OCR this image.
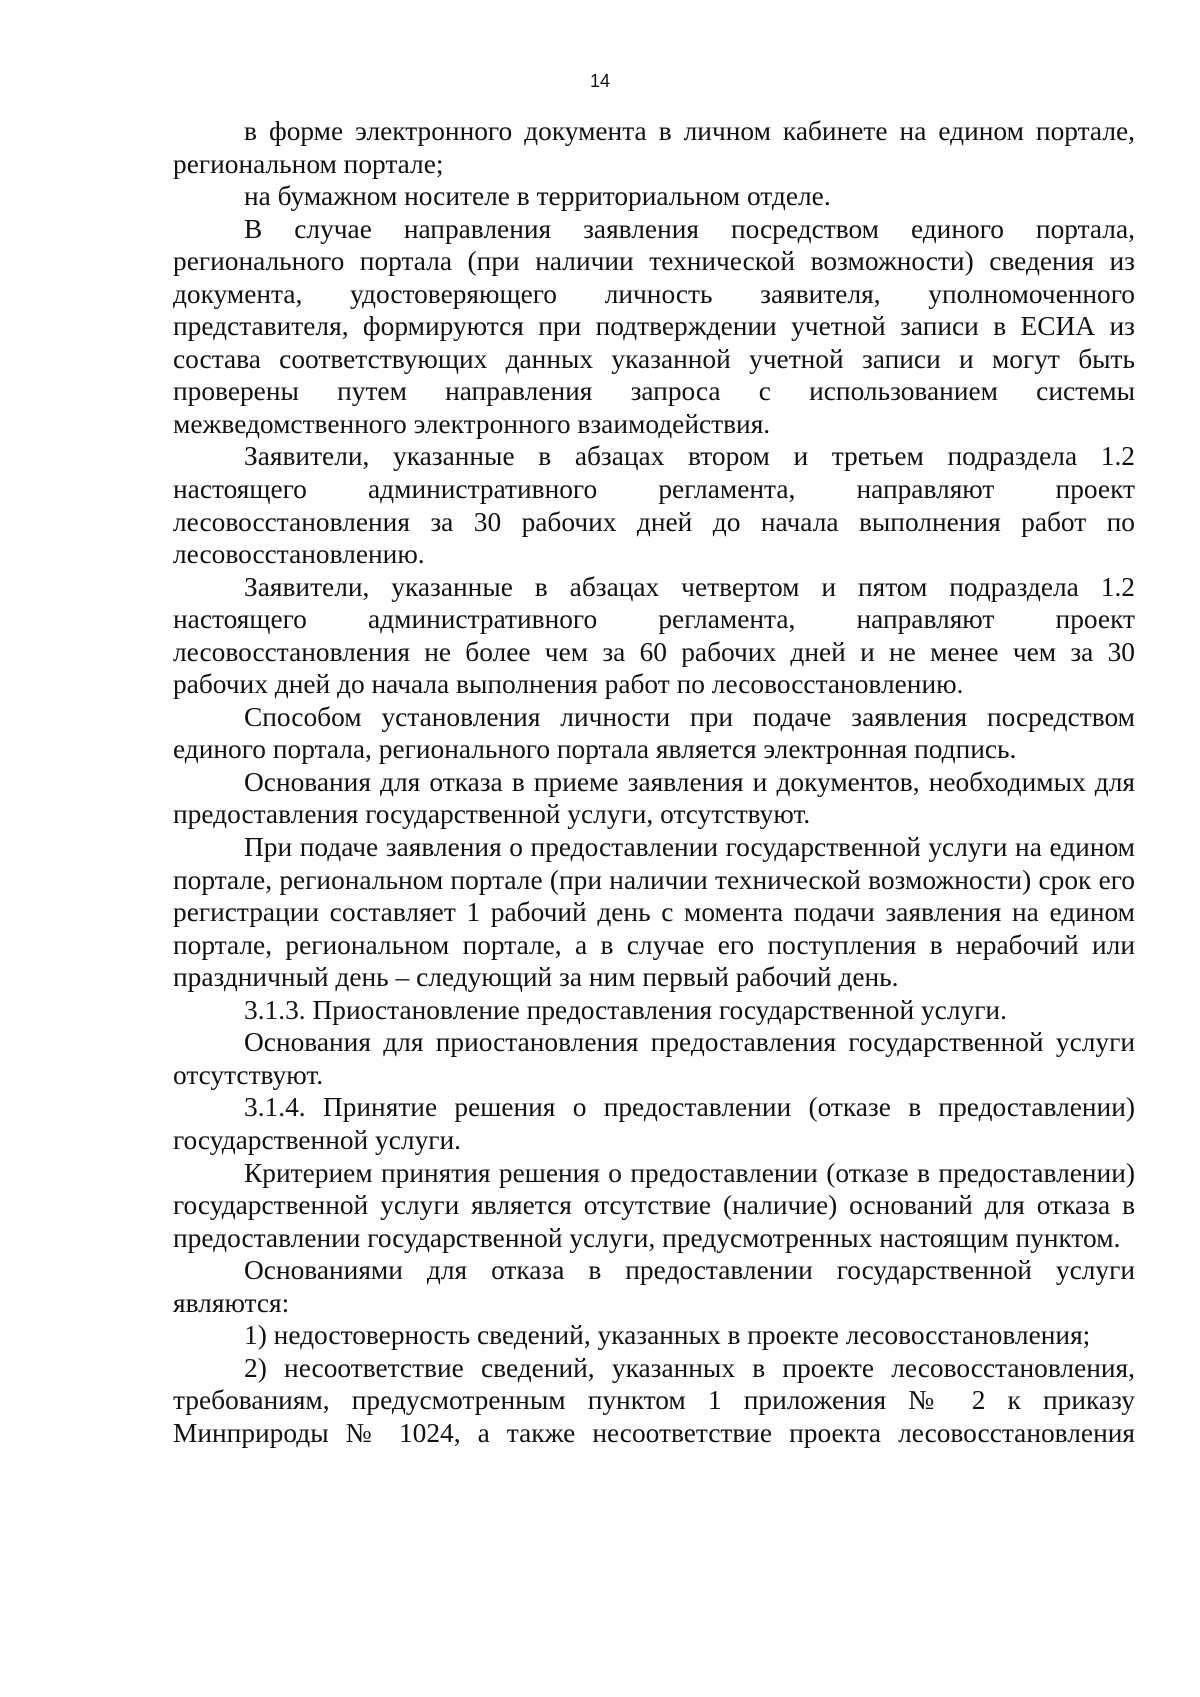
14

в форме электронного документа в личном кабинете на едином портале, региональном портале;

на бумажном носителе в территориальном отделе.

В случае направления заявления посредством единого портала, регионального портала (при наличии технической возможности) сведения из документа, удостоверяющего личность заявителя, уполномоченного представителя, формируются при подтверждении учетной записи в ЕСИА из состава соответствующих данных указанной учетной записи и могут быть проверены путем направления запроса с использованием системы межведомственного электронного взаимодействия.

Заявители, указанные в абзацах втором и третьем подраздела 1.2 настоящего административного регламента, направляют проект лесовосстановления за 30 рабочих дней до начала выполнения работ по лесовосстановлению.

Заявители, указанные в абзацах четвертом и пятом подраздела 1.2 настоящего административного регламента, направляют проект лесовосстановления не более чем за 60 рабочих дней и не менее чем за 30 рабочих дней до начала выполнения работ по лесовосстановлению.

Способом установления личности при подаче заявления посредством единого портала, регионального портала является электронная подпись.

Основания для отказа в приеме заявления и документов, необходимых для предоставления государственной услуги, отсутствуют.

При подаче заявления о предоставлении государственной услуги на едином портале, региональном портале (при наличии технической возможности) срок его регистрации составляет 1 рабочий день с момента подачи заявления на едином портале, региональном портале, а в случае его поступления в нерабочий или праздничный день – следующий за ним первый рабочий день.

3.1.3. Приостановление предоставления государственной услуги.

Основания для приостановления предоставления государственной услуги отсутствуют.

3.1.4. Принятие решения о предоставлении (отказе в предоставлении) государственной услуги.

Критерием принятия решения о предоставлении (отказе в предоставлении) государственной услуги является отсутствие (наличие) оснований для отказа в предоставлении государственной услуги, предусмотренных настоящим пунктом.

Основаниями для отказа в предоставлении государственной услуги являются:

1) недостоверность сведений, указанных в проекте лесовосстановления;

2) несоответствие сведений, указанных в проекте лесовосстановления, требованиям, предусмотренным пунктом 1 приложения № 2 к приказу Минприроды № 1024, а также несоответствие проекта лесовосстановления
